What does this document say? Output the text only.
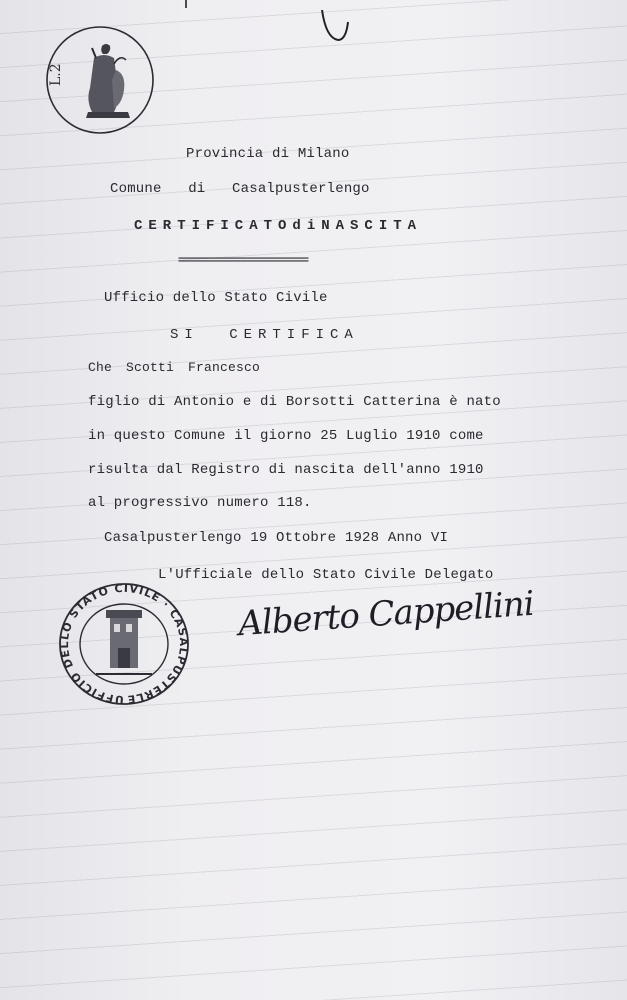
L.2
Provincia di Milano
Comune di Casalpusterlengo
CERTIFICATOdiNASCITA
==========================
Ufficio dello Stato Civile
SI CERTIFICA
Che Scotti Francesco
figlio di Antonio e di Borsotti Catterina è nato
in questo Comune il giorno 25 Luglio 1910 come
risulta dal Registro di nascita dell'anno 1910
al progressivo numero 118.
Casalpusterlengo 19 Ottobre 1928 Anno VI
L'Ufficiale dello Stato Civile Delegato
UFFICIO DELLO STATO CIVILE · CASALPUSTERLENGO ·
Alberto Cappellini
